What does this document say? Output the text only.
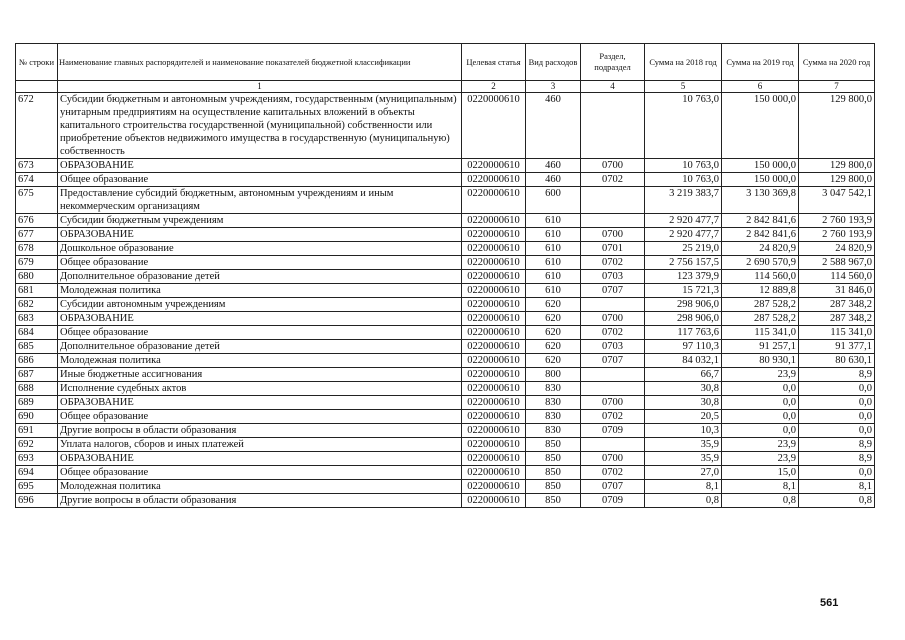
№ строки	Наименование главных распорядителей и наименование показателей бюджетной классификации	Целевая статья	Вид расходов	Раздел, подраздел	Сумма на 2018 год	Сумма на 2019 год	Сумма на 2020 год
	1	2	3	4	5	6	7
672	Субсидии бюджетным и автономным учреждениям, государственным (муниципальным) унитарным предприятиям на осуществление капитальных вложений в объекты капитального строительства государственной (муниципальной) собственности или приобретение объектов недвижимого имущества в государственную (муниципальную) собственность	0220000610	460		10 763,0	150 000,0	129 800,0
673	ОБРАЗОВАНИЕ	0220000610	460	0700	10 763,0	150 000,0	129 800,0
674	Общее образование	0220000610	460	0702	10 763,0	150 000,0	129 800,0
675	Предоставление субсидий бюджетным, автономным учреждениям и иным некоммерческим организациям	0220000610	600		3 219 383,7	3 130 369,8	3 047 542,1
676	Субсидии бюджетным учреждениям	0220000610	610		2 920 477,7	2 842 841,6	2 760 193,9
677	ОБРАЗОВАНИЕ	0220000610	610	0700	2 920 477,7	2 842 841,6	2 760 193,9
678	Дошкольное образование	0220000610	610	0701	25 219,0	24 820,9	24 820,9
679	Общее образование	0220000610	610	0702	2 756 157,5	2 690 570,9	2 588 967,0
680	Дополнительное образование детей	0220000610	610	0703	123 379,9	114 560,0	114 560,0
681	Молодежная политика	0220000610	610	0707	15 721,3	12 889,8	31 846,0
682	Субсидии автономным учреждениям	0220000610	620		298 906,0	287 528,2	287 348,2
683	ОБРАЗОВАНИЕ	0220000610	620	0700	298 906,0	287 528,2	287 348,2
684	Общее образование	0220000610	620	0702	117 763,6	115 341,0	115 341,0
685	Дополнительное образование детей	0220000610	620	0703	97 110,3	91 257,1	91 377,1
686	Молодежная политика	0220000610	620	0707	84 032,1	80 930,1	80 630,1
687	Иные бюджетные ассигнования	0220000610	800		66,7	23,9	8,9
688	Исполнение судебных актов	0220000610	830		30,8	0,0	0,0
689	ОБРАЗОВАНИЕ	0220000610	830	0700	30,8	0,0	0,0
690	Общее образование	0220000610	830	0702	20,5	0,0	0,0
691	Другие вопросы в области образования	0220000610	830	0709	10,3	0,0	0,0
692	Уплата налогов, сборов и иных платежей	0220000610	850		35,9	23,9	8,9
693	ОБРАЗОВАНИЕ	0220000610	850	0700	35,9	23,9	8,9
694	Общее образование	0220000610	850	0702	27,0	15,0	0,0
695	Молодежная политика	0220000610	850	0707	8,1	8,1	8,1
696	Другие вопросы в области образования	0220000610	850	0709	0,8	0,8	0,8
561
